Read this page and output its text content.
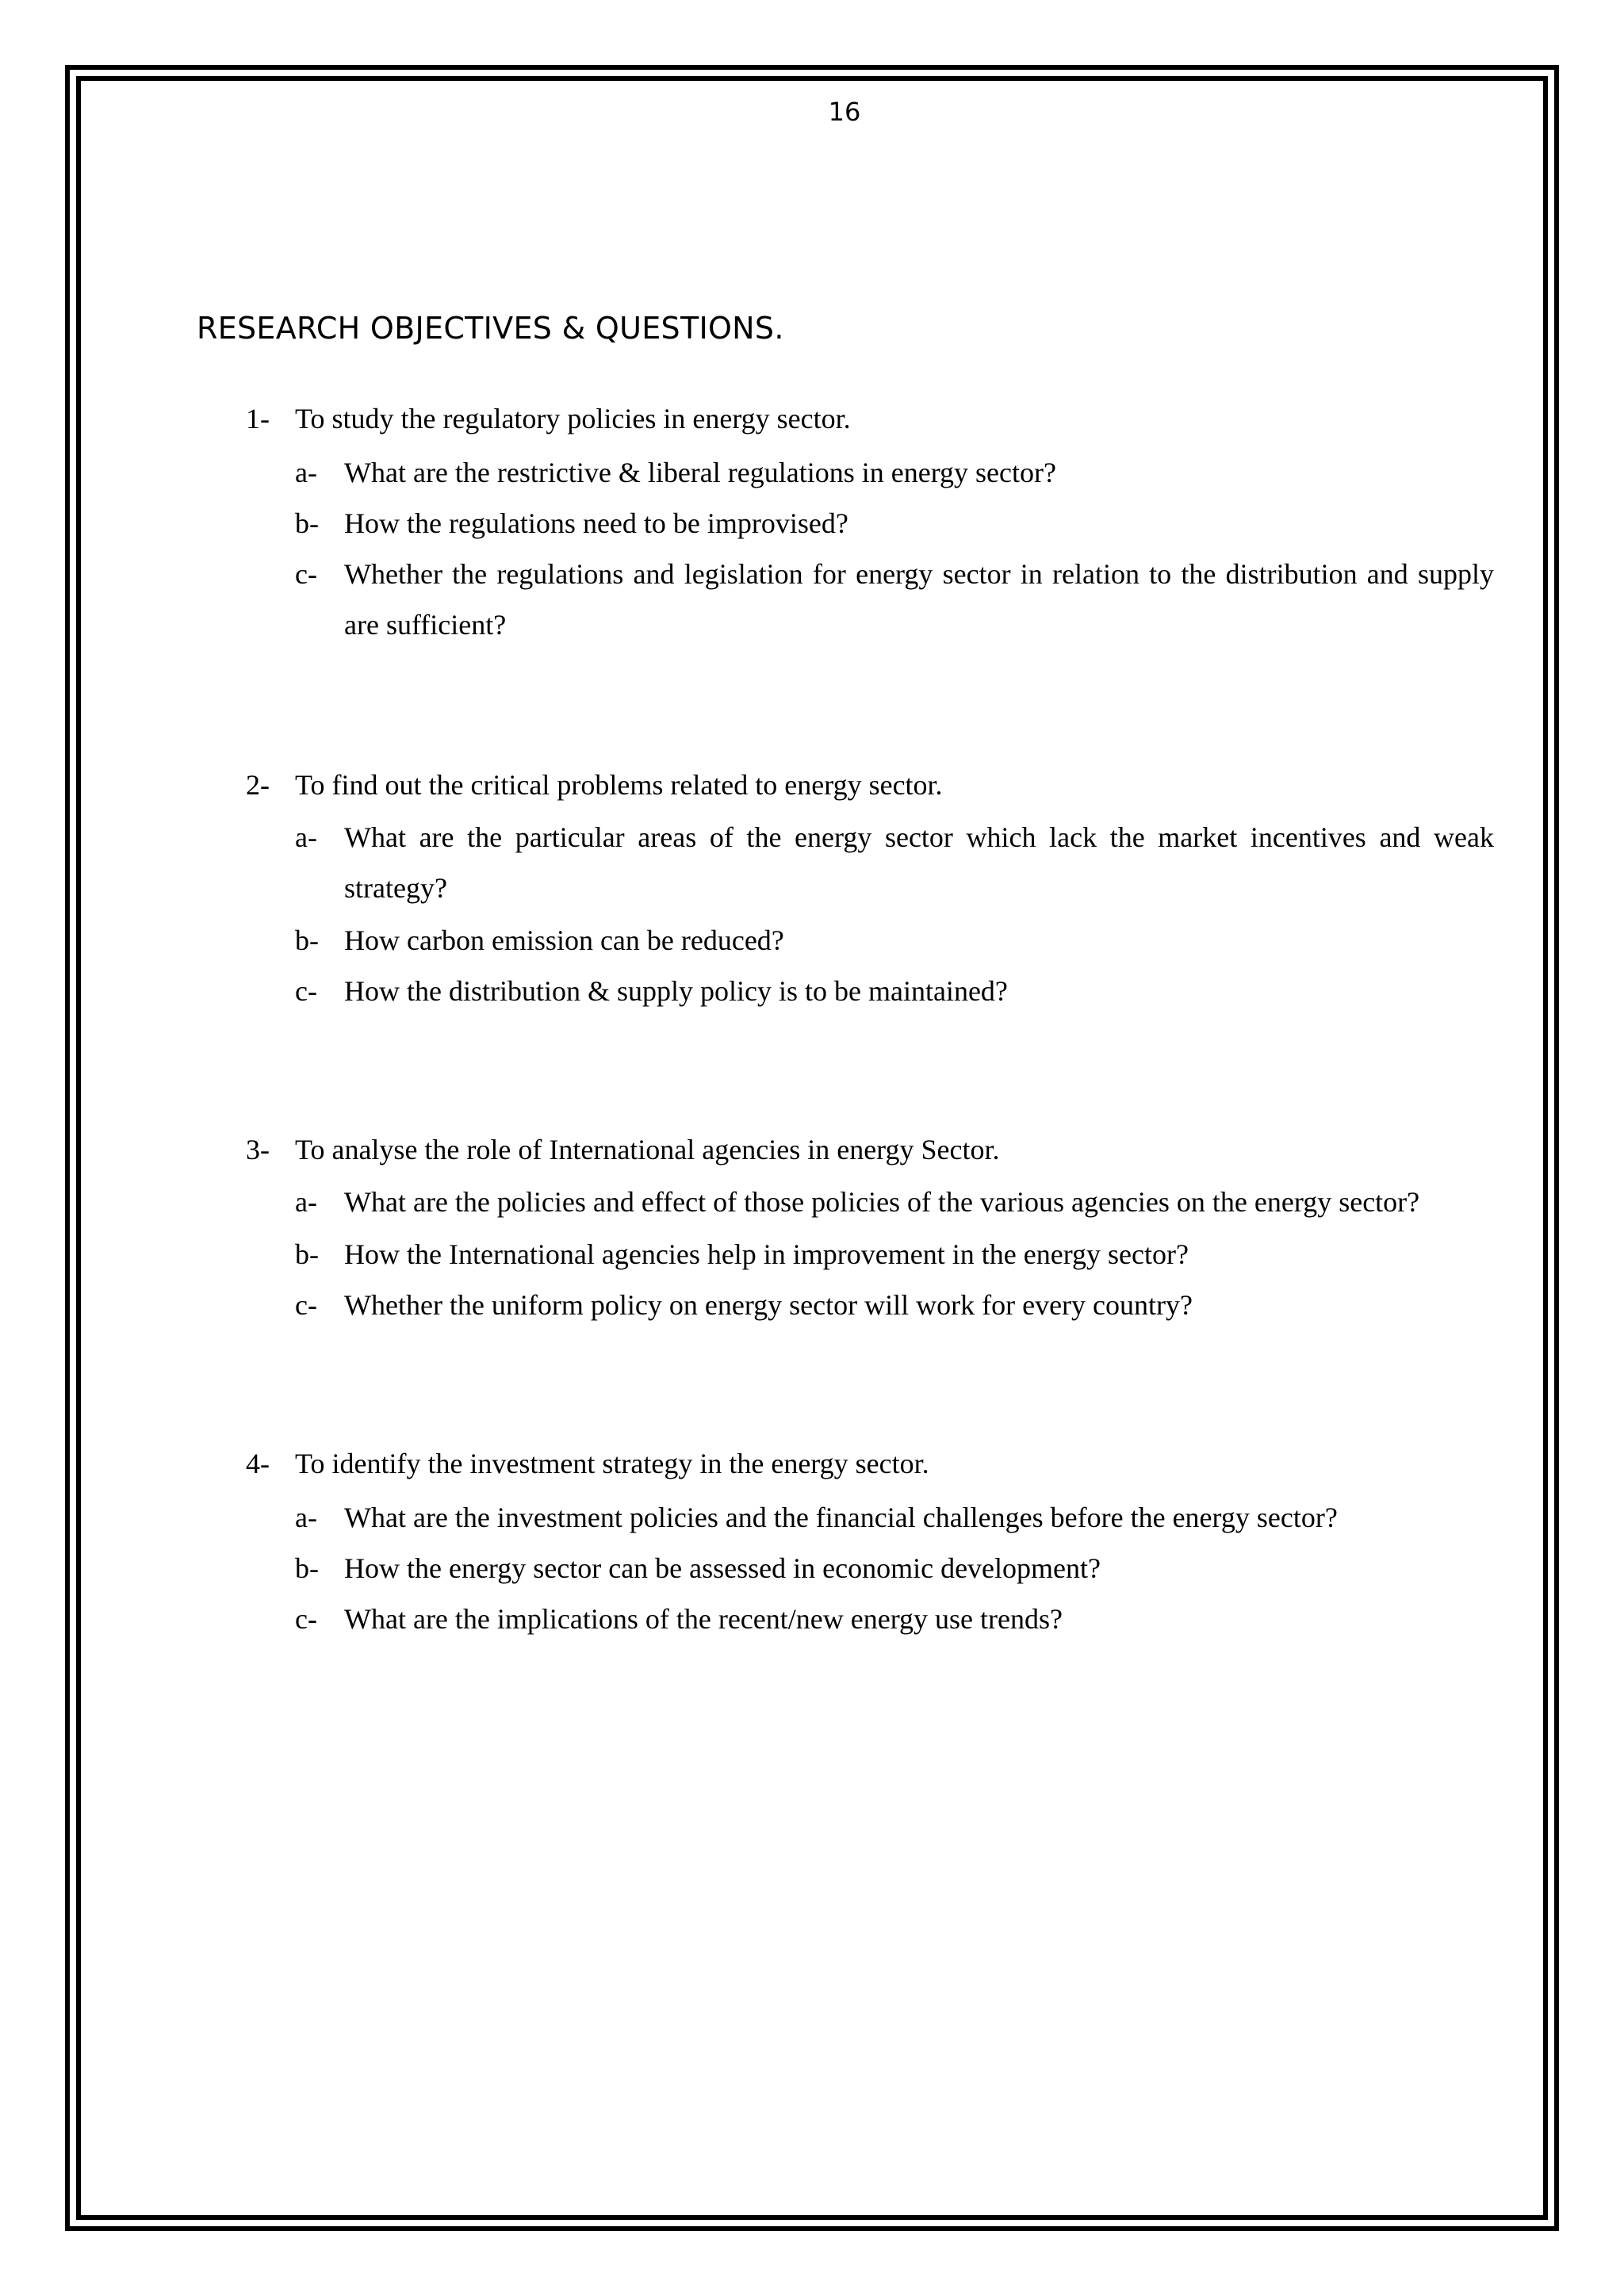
16
RESEARCH OBJECTIVES & QUESTIONS.
1- To study the regulatory policies in energy sector.
a- What are the restrictive & liberal regulations in energy sector?
b- How the regulations need to be improvised?
c- Whether the regulations and legislation for energy sector in relation to the distribution and supply are sufficient?
2- To find out the critical problems related to energy sector.
a- What are the particular areas of the energy sector which lack the market incentives and weak strategy?
b- How carbon emission can be reduced?
c- How the distribution & supply policy is to be maintained?
3- To analyse the role of International agencies in energy Sector.
a- What are the policies and effect of those policies of the various agencies on the energy sector?
b- How the International agencies help in improvement in the energy sector?
c- Whether the uniform policy on energy sector will work for every country?
4- To identify the investment strategy in the energy sector.
a- What are the investment policies and the financial challenges before the energy sector?
b- How the energy sector can be assessed in economic development?
c- What are the implications of the recent/new energy use trends?
